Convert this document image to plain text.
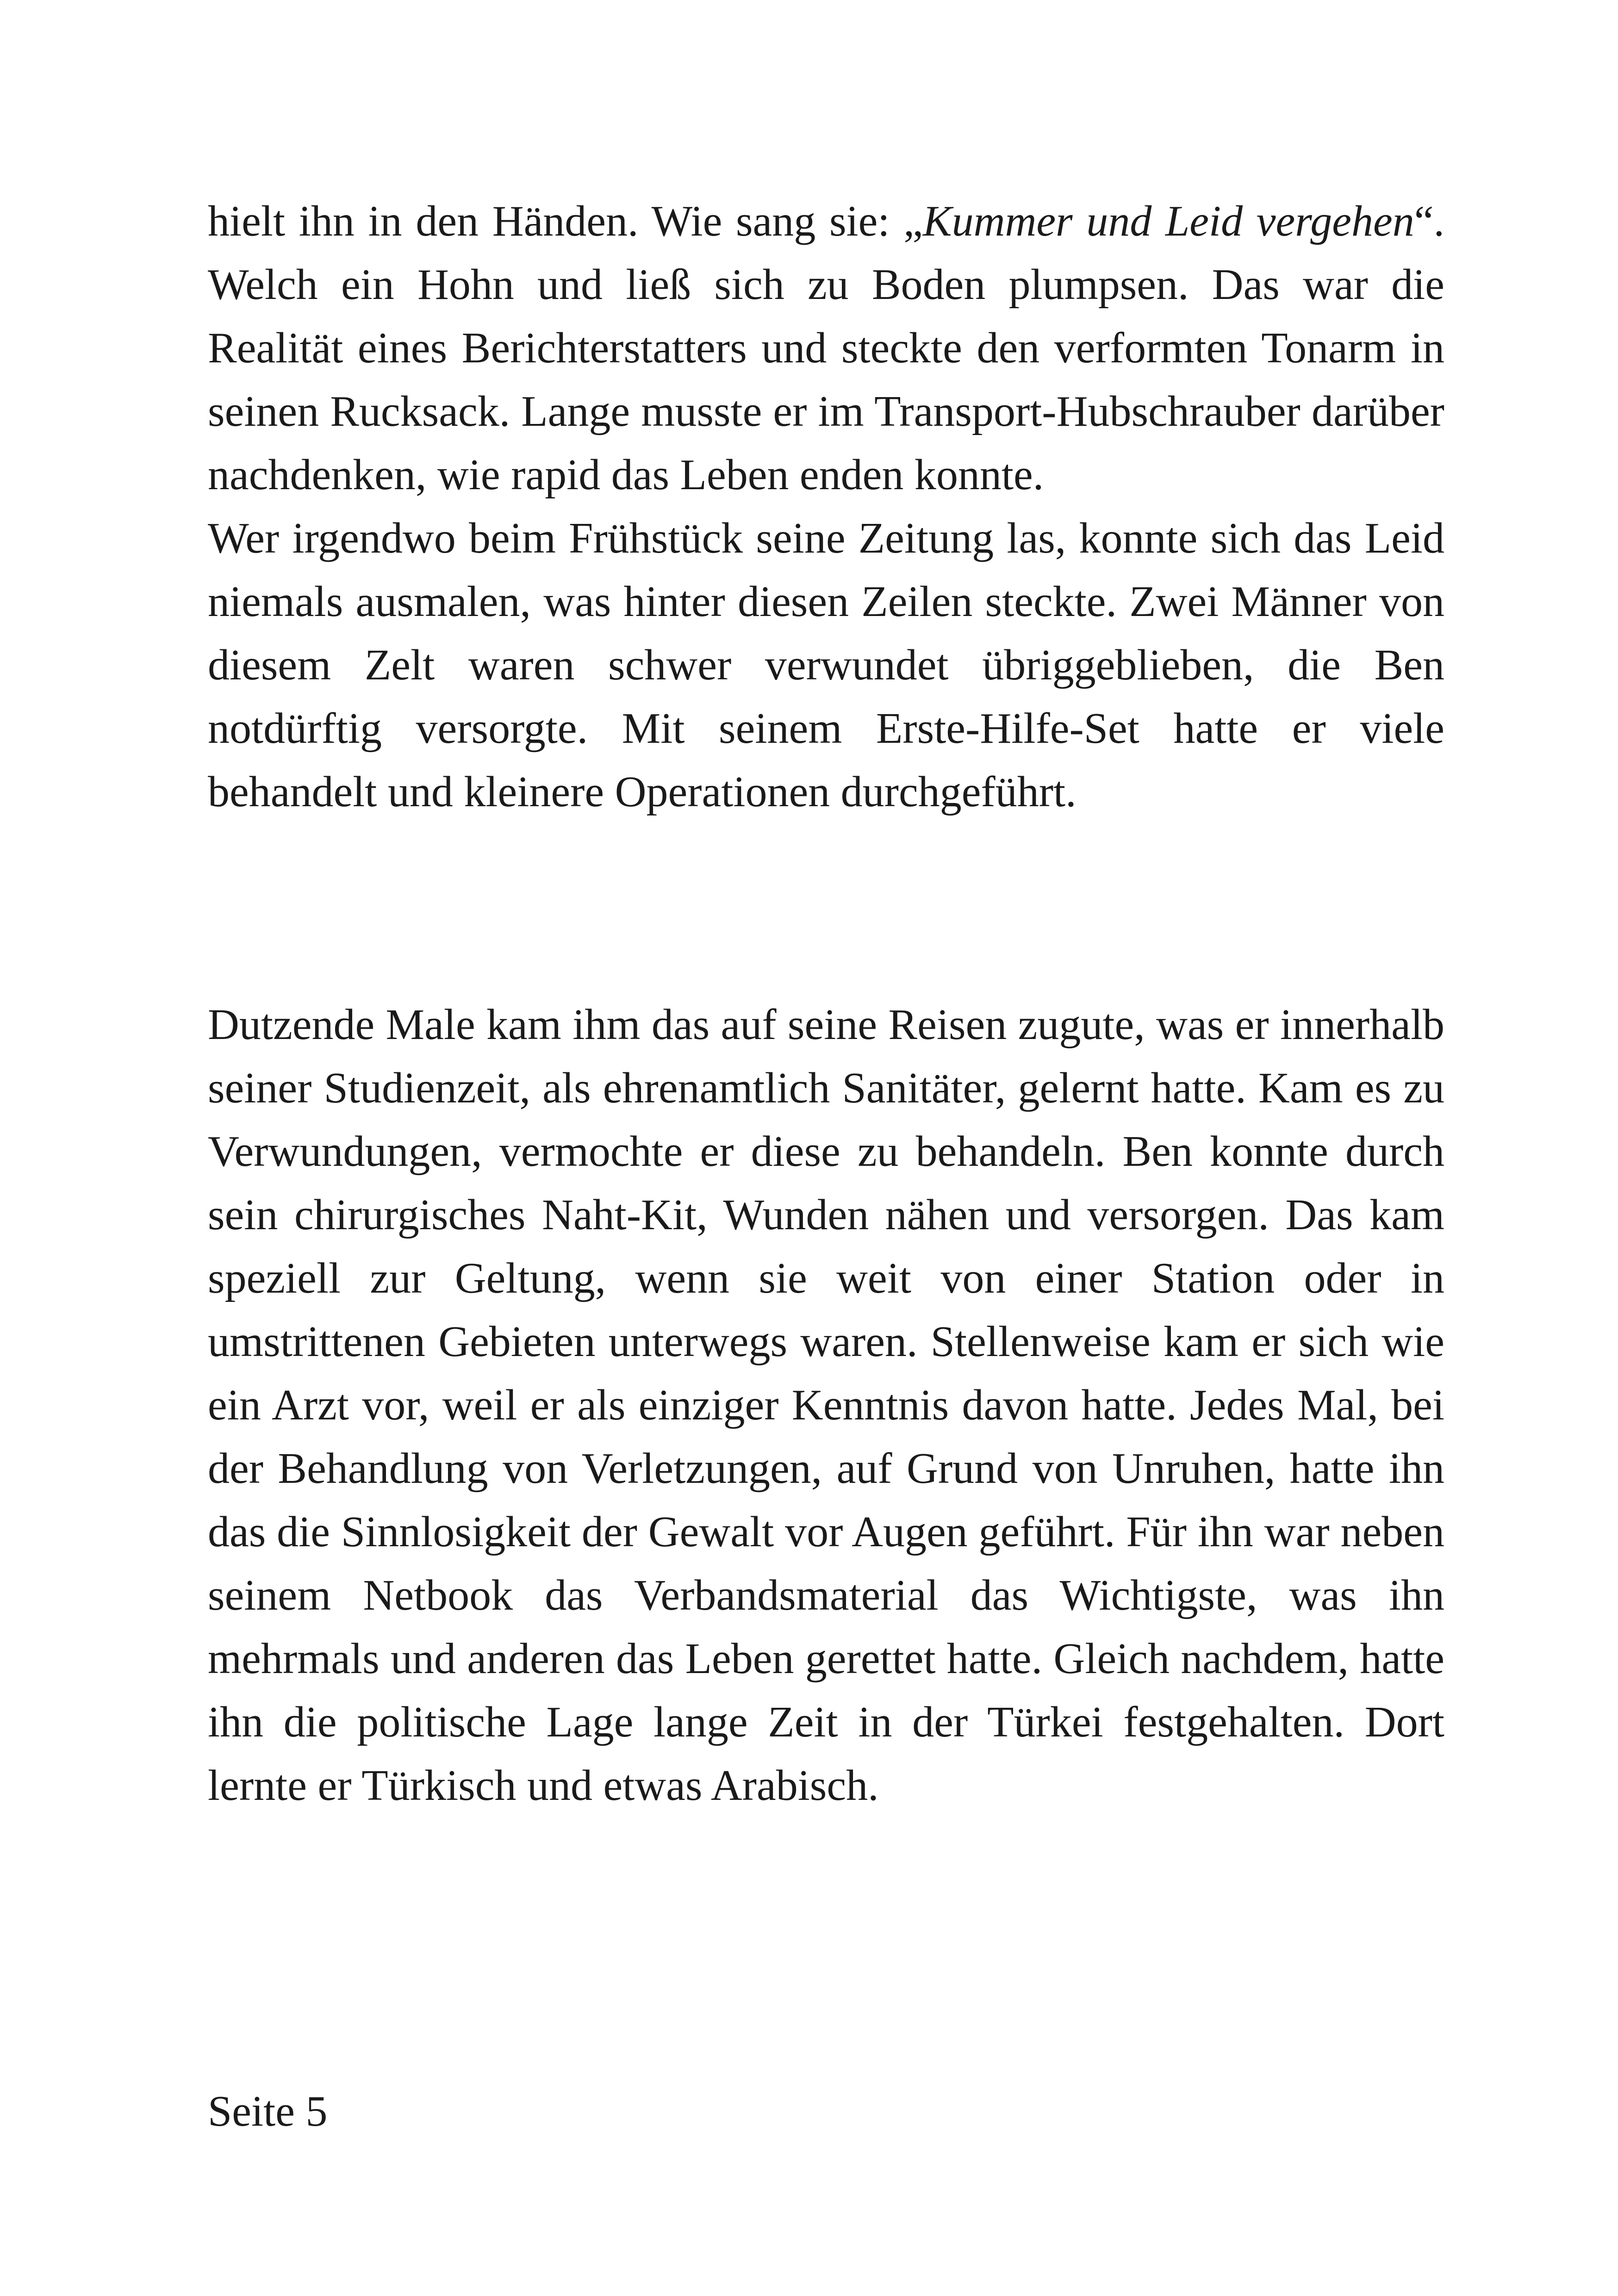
hielt ihn in den Händen. Wie sang sie: „Kummer und Leid vergehen“. Welch ein Hohn und ließ sich zu Boden plumpsen. Das war die Realität eines Berichterstatters und steckte den verformten Tonarm in seinen Rucksack. Lange musste er im Transport-Hubschrauber darüber nachdenken, wie rapid das Leben enden konnte.

Wer irgendwo beim Frühstück seine Zeitung las, konnte sich das Leid niemals ausmalen, was hinter diesen Zeilen steckte. Zwei Männer von diesem Zelt waren schwer verwundet übriggeblieben, die Ben notdürftig versorgte. Mit seinem Erste-Hilfe-Set hatte er viele behandelt und kleinere Operationen durchgeführt.

Dutzende Male kam ihm das auf seine Reisen zugute, was er innerhalb seiner Studienzeit, als ehrenamtlich Sanitäter, gelernt hatte. Kam es zu Verwundungen, vermochte er diese zu behandeln. Ben konnte durch sein chirurgisches Naht-Kit, Wunden nähen und versorgen. Das kam speziell zur Geltung, wenn sie weit von einer Station oder in umstrittenen Gebieten unterwegs waren. Stellenweise kam er sich wie ein Arzt vor, weil er als einziger Kenntnis davon hatte. Jedes Mal, bei der Behandlung von Verletzungen, auf Grund von Unruhen, hatte ihn das die Sinnlosigkeit der Gewalt vor Augen geführt. Für ihn war neben seinem Netbook das Verbandsmaterial das Wichtigste, was ihn mehrmals und anderen das Leben gerettet hatte. Gleich nachdem, hatte ihn die politische Lage lange Zeit in der Türkei festgehalten. Dort lernte er Türkisch und etwas Arabisch.

Seite 5
